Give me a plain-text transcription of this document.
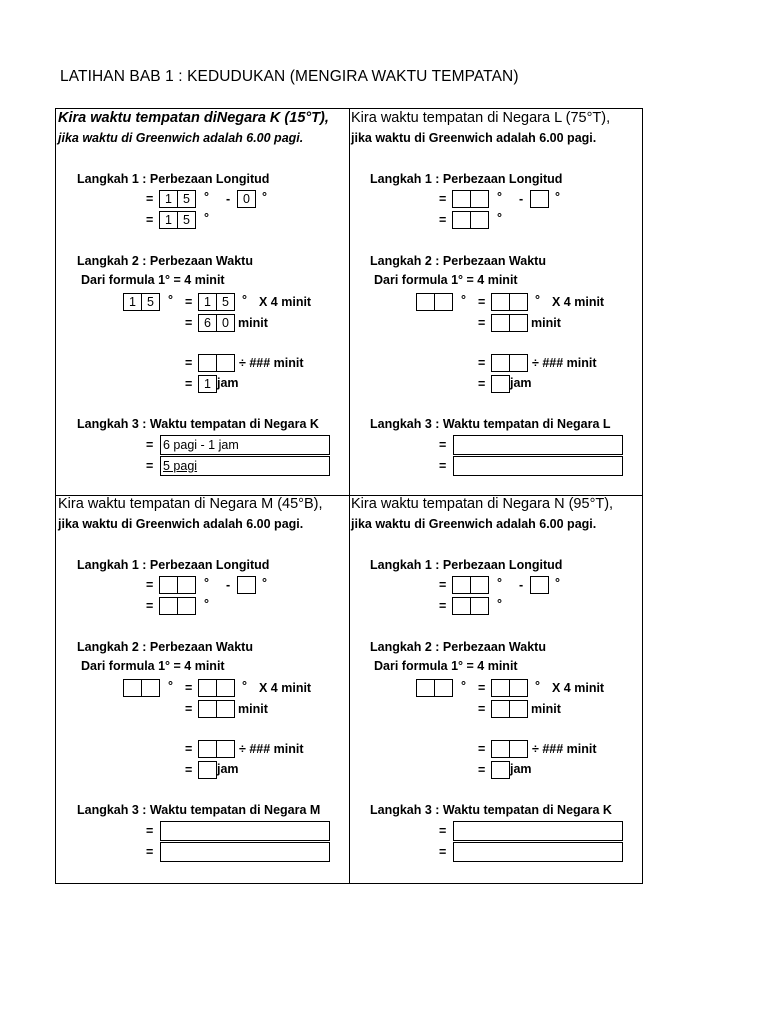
LATIHAN BAB 1 : KEDUDUKAN (MENGIRA WAKTU TEMPATAN)
Kira waktu tempatan diNegara K (15°T),
jika waktu di Greenwich adalah 6.00 pagi.
Langkah 1 : Perbezaan Longitud
= 1 5	° -	0 °
= 1 5	°
Langkah 2 : Perbezaan Waktu
Dari formula 1° = 4 minit
1 5	° = 1 5	° X 4 minit
= 6 0 minit
=	÷ ### minit
= 1 jam
Langkah 3 : Waktu tempatan di Negara K
= 6 pagi - 1 jam
= 5 pagi
Kira waktu tempatan di Negara L (75°T),
jika waktu di Greenwich adalah 6.00 pagi.
Langkah 1 : Perbezaan Longitud
=	° -	°
=	°
Langkah 2 : Perbezaan Waktu
Dari formula 1° = 4 minit
° =	° X 4 minit
=	minit
=	÷ ### minit
= jam
Langkah 3 : Waktu tempatan di Negara L
=
=
Kira waktu tempatan di Negara M (45°B),
jika waktu di Greenwich adalah 6.00 pagi.
Langkah 1 : Perbezaan Longitud
=	° -	°
=	°
Langkah 2 : Perbezaan Waktu
Dari formula 1° = 4 minit
° =	° X 4 minit
=	minit
=	÷ ### minit
= jam
Langkah 3 : Waktu tempatan di Negara M
=
=
Kira waktu tempatan di Negara N (95°T),
jika waktu di Greenwich adalah 6.00 pagi.
Langkah 1 : Perbezaan Longitud
=	° -	°
=	°
Langkah 2 : Perbezaan Waktu
Dari formula 1° = 4 minit
° =	° X 4 minit
=	minit
=	÷ ### minit
= jam
Langkah 3 : Waktu tempatan di Negara K
=
=
